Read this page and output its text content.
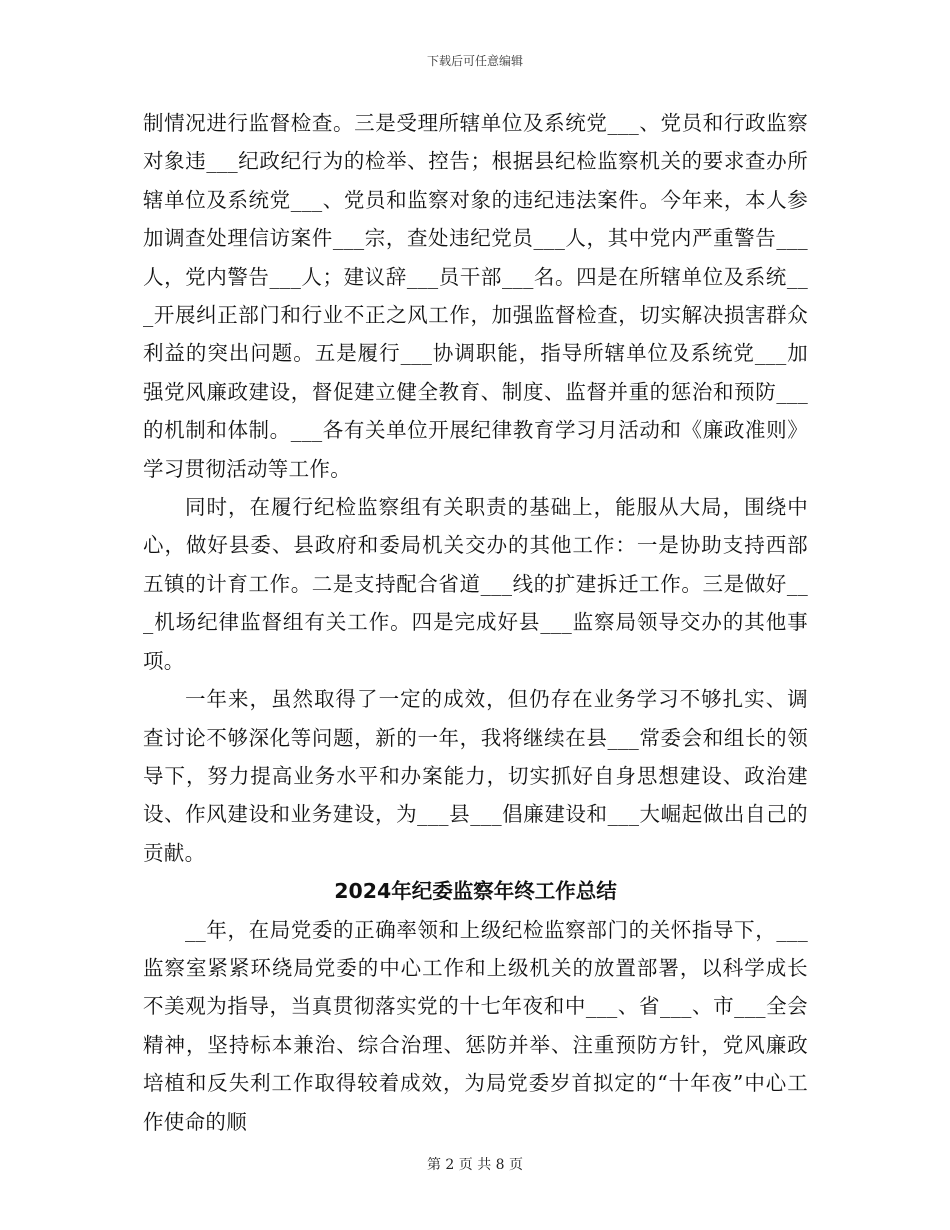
下载后可任意编辑

制情况进行监督检查。三是受理所辖单位及系统党___、党员和行政监察对象违___纪政纪行为的检举、控告；根据县纪检监察机关的要求查办所辖单位及系统党___、党员和监察对象的违纪违法案件。今年来，本人参加调查处理信访案件___宗，查处违纪党员___人，其中党内严重警告___人，党内警告___人；建议辞___员干部___名。四是在所辖单位及系统___开展纠正部门和行业不正之风工作，加强监督检查，切实解决损害群众利益的突出问题。五是履行___协调职能，指导所辖单位及系统党___加强党风廉政建设，督促建立健全教育、制度、监督并重的惩治和预防___的机制和体制。___各有关单位开展纪律教育学习月活动和《廉政准则》学习贯彻活动等工作。

同时，在履行纪检监察组有关职责的基础上，能服从大局，围绕中心，做好县委、县政府和委局机关交办的其他工作：一是协助支持西部五镇的计育工作。二是支持配合省道___线的扩建拆迁工作。三是做好___机场纪律监督组有关工作。四是完成好县___监察局领导交办的其他事项。

一年来，虽然取得了一定的成效，但仍存在业务学习不够扎实、调查讨论不够深化等问题，新的一年，我将继续在县___常委会和组长的领导下，努力提高业务水平和办案能力，切实抓好自身思想建设、政治建设、作风建设和业务建设，为___县___倡廉建设和___大崛起做出自己的贡献。

2024年纪委监察年终工作总结

__年，在局党委的正确率领和上级纪检监察部门的关怀指导下，___监察室紧紧环绕局党委的中心工作和上级机关的放置部署，以科学成长不美观为指导，当真贯彻落实党的十七年夜和中___、省___、市___全会精神，坚持标本兼治、综合治理、惩防并举、注重预防方针，党风廉政培植和反失利工作取得较着成效，为局党委岁首拟定的“十年夜”中心工作使命的顺

第 2 页 共 8 页
